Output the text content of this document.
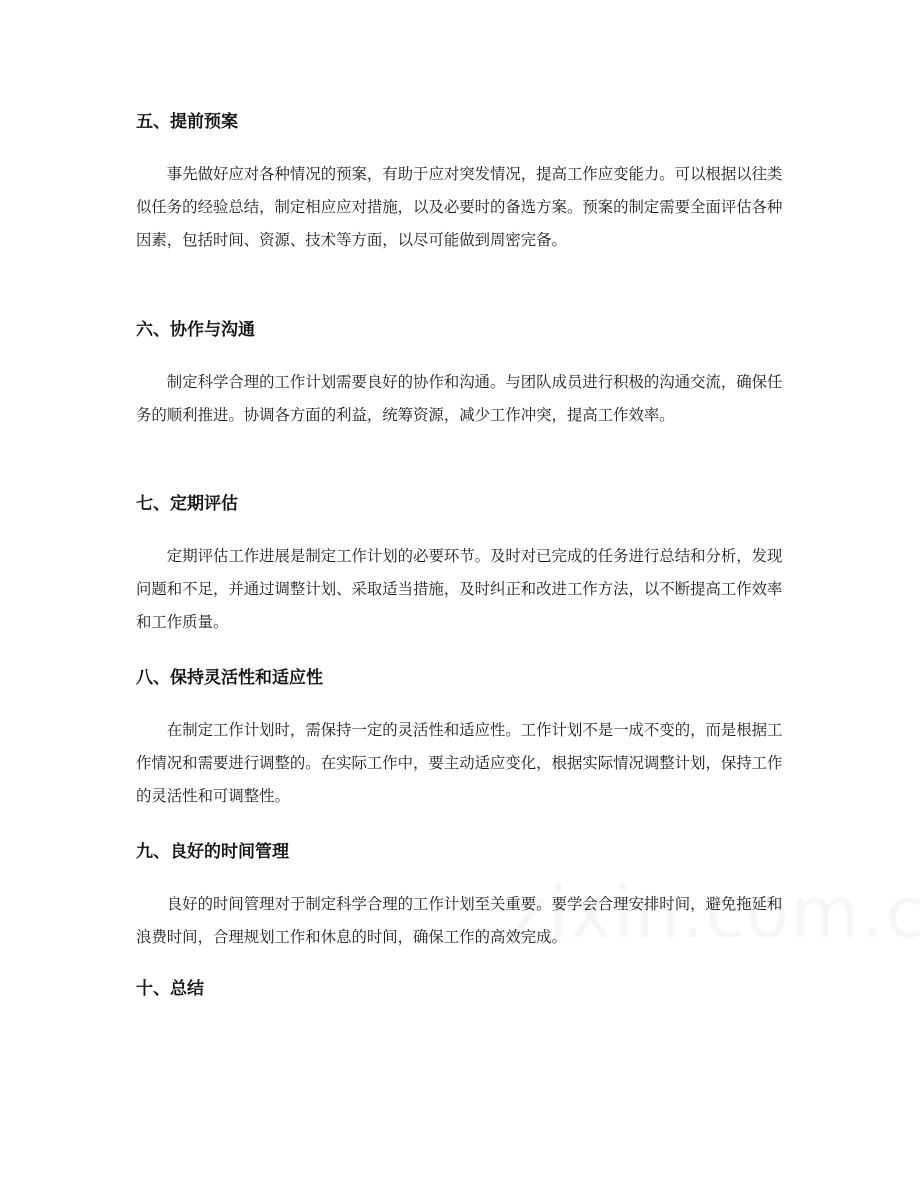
五、提前预案

事先做好应对各种情况的预案，有助于应对突发情况，提高工作应变能力。可以根据以往类似任务的经验总结，制定相应应对措施，以及必要时的备选方案。预案的制定需要全面评估各种因素，包括时间、资源、技术等方面，以尽可能做到周密完备。

六、协作与沟通

制定科学合理的工作计划需要良好的协作和沟通。与团队成员进行积极的沟通交流，确保任务的顺利推进。协调各方面的利益，统筹资源，减少工作冲突，提高工作效率。

七、定期评估

定期评估工作进展是制定工作计划的必要环节。及时对已完成的任务进行总结和分析，发现问题和不足，并通过调整计划、采取适当措施，及时纠正和改进工作方法，以不断提高工作效率和工作质量。

八、保持灵活性和适应性

在制定工作计划时，需保持一定的灵活性和适应性。工作计划不是一成不变的，而是根据工作情况和需要进行调整的。在实际工作中，要主动适应变化，根据实际情况调整计划，保持工作的灵活性和可调整性。

九、良好的时间管理

良好的时间管理对于制定科学合理的工作计划至关重要。要学会合理安排时间，避免拖延和浪费时间，合理规划工作和休息的时间，确保工作的高效完成。

十、总结
